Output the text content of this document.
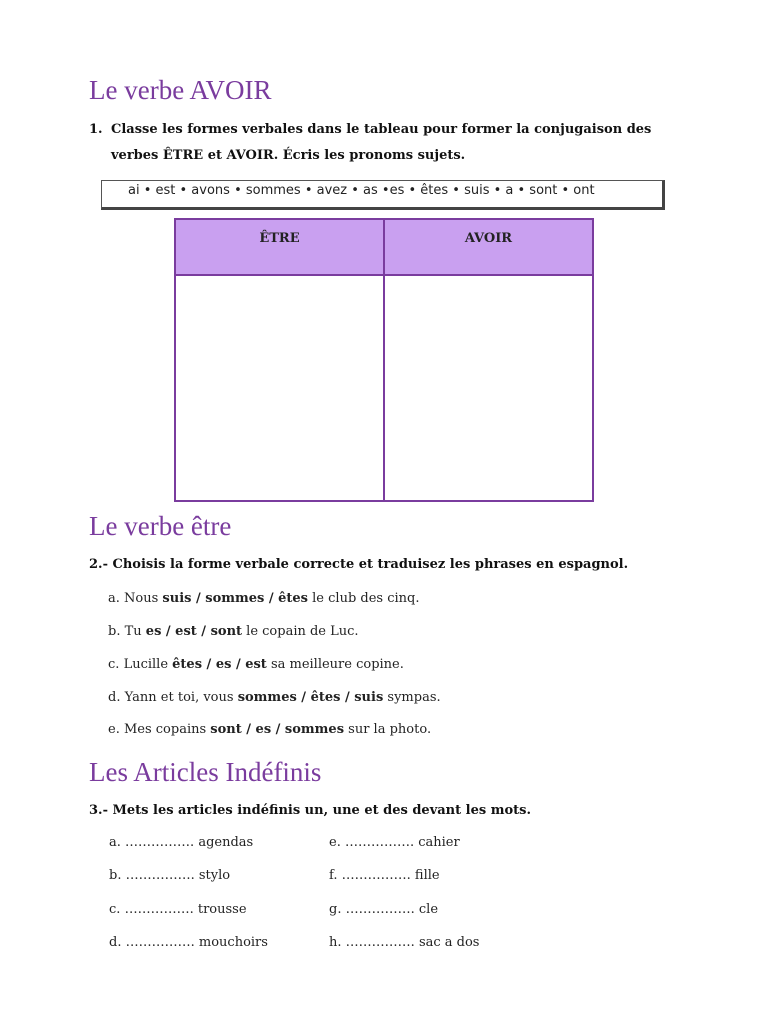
Le verbe AVOIR
1. Classe les formes verbales dans le tableau pour former la conjugaison des
verbes ÊTRE et AVOIR. Écris les pronoms sujets.
ai • est • avons • sommes • avez • as •es • êtes • suis • a • sont • ont
ÊTRE	AVOIR

Le verbe être
2.- Choisis la forme verbale correcte et traduisez les phrases en espagnol.
a. Nous suis / sommes / êtes le club des cinq.
b. Tu es / est / sont le copain de Luc.
c. Lucille êtes / es / est sa meilleure copine.
d. Yann et toi, vous sommes / êtes / suis sympas.
e. Mes copains sont / es / sommes sur la photo.
Les Articles Indéfinis
3.- Mets les articles indéfinis un, une et des devant les mots.
a. ……………. agendas
b. ……………. stylo
c. ……………. trousse
d. ……………. mouchoirs
e. ……………. cahier
f. ……………. fille
g. ……………. cle
h. ……………. sac a dos
